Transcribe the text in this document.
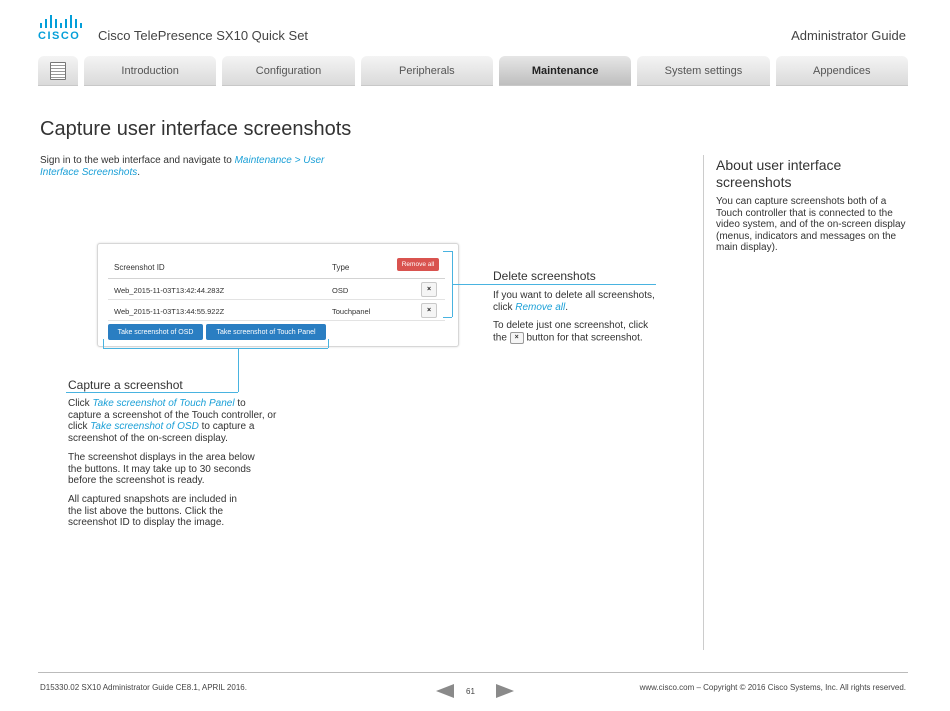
CISCO	Cisco TelePresence SX10 Quick Set	Administrator Guide
Introduction	Configuration	Peripherals	Maintenance	System settings	Appendices
Capture user interface screenshots
Sign in to the web interface and navigate to Maintenance > User Interface Screenshots.
Screenshot ID	Type	Remove all
Web_2015-11-03T13:42:44.283Z	OSD	×
Web_2015-11-03T13:44:55.922Z	Touchpanel	×
Take screenshot of OSD	Take screenshot of Touch Panel
Delete screenshots
If you want to delete all screenshots, click Remove all.
To delete just one screenshot, click the × button for that screenshot.
Capture a screenshot
Click Take screenshot of Touch Panel to capture a screenshot of the Touch controller, or click Take screenshot of OSD to capture a screenshot of the on-screen display.
The screenshot displays in the area below the buttons. It may take up to 30 seconds before the screenshot is ready.
All captured snapshots are included in the list above the buttons. Click the screenshot ID to display the image.
About user interface screenshots
You can capture screenshots both of a Touch controller that is connected to the video system, and of the on-screen display (menus, indicators and messages on the main display).
D15330.02 SX10 Administrator Guide CE8.1, APRIL 2016.	61	www.cisco.com – Copyright © 2016 Cisco Systems, Inc. All rights reserved.
